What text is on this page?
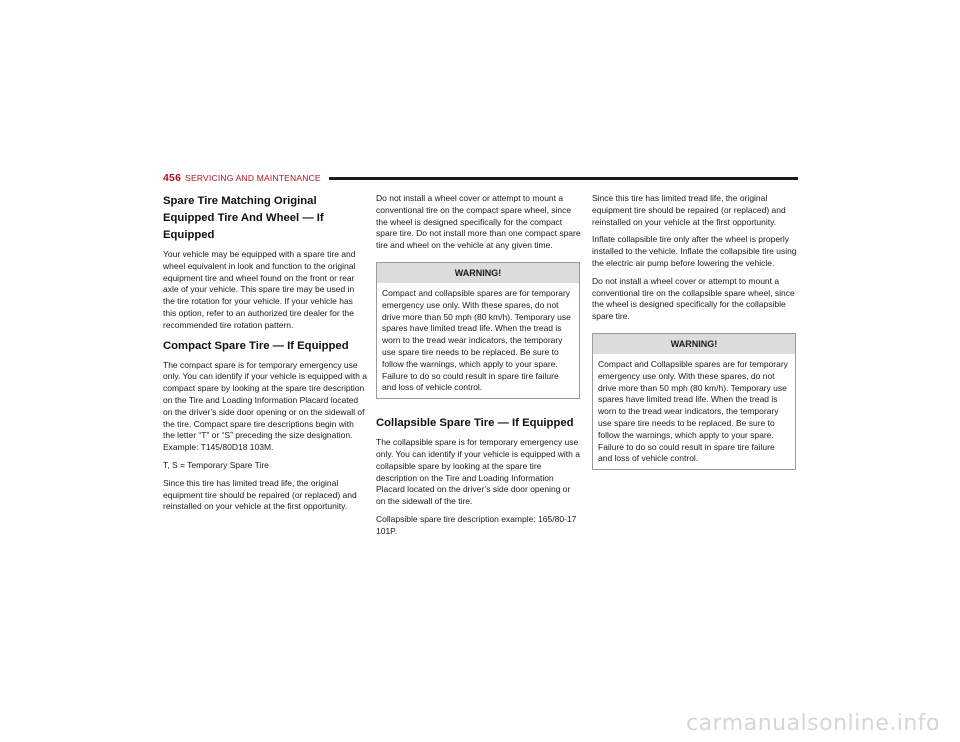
456 SERVICING AND MAINTENANCE
Spare Tire Matching Original Equipped Tire And Wheel — If Equipped

Your vehicle may be equipped with a spare tire and wheel equivalent in look and function to the original equipment tire and wheel found on the front or rear axle of your vehicle. This spare tire may be used in the tire rotation for your vehicle. If your vehicle has this option, refer to an authorized tire dealer for the recommended tire rotation pattern.

Compact Spare Tire — If Equipped

The compact spare is for temporary emergency use only. You can identify if your vehicle is equipped with a compact spare by looking at the spare tire description on the Tire and Loading Information Placard located on the driver’s side door opening or on the sidewall of the tire. Compact spare tire descriptions begin with the letter “T” or “S” preceding the size designation. Example: T145/80D18 103M.

T, S = Temporary Spare Tire

Since this tire has limited tread life, the original equipment tire should be repaired (or replaced) and reinstalled on your vehicle at the first opportunity.

Do not install a wheel cover or attempt to mount a conventional tire on the compact spare wheel, since the wheel is designed specifically for the compact spare tire. Do not install more than one compact spare tire and wheel on the vehicle at any given time.

WARNING!
Compact and collapsible spares are for temporary emergency use only. With these spares, do not drive more than 50 mph (80 km/h). Temporary use spares have limited tread life. When the tread is worn to the tread wear indicators, the temporary use spare tire needs to be replaced. Be sure to follow the warnings, which apply to your spare. Failure to do so could result in spare tire failure and loss of vehicle control.
Collapsible Spare Tire — If Equipped

The collapsible spare is for temporary emergency use only. You can identify if your vehicle is equipped with a collapsible spare by looking at the spare tire description on the Tire and Loading Information Placard located on the driver’s side door opening or on the sidewall of the tire.

Collapsible spare tire description example: 165/80-17 101P.

Since this tire has limited tread life, the original equipment tire should be repaired (or replaced) and reinstalled on your vehicle at the first opportunity.

Inflate collapsible tire only after the wheel is properly installed to the vehicle. Inflate the collapsible tire using the electric air pump before lowering the vehicle.

Do not install a wheel cover or attempt to mount a conventional tire on the collapsible spare wheel, since the wheel is designed specifically for the collapsible spare tire.

WARNING!
Compact and Collapsible spares are for temporary emergency use only. With these spares, do not drive more than 50 mph (80 km/h). Temporary use spares have limited tread life. When the tread is worn to the tread wear indicators, the temporary use spare tire needs to be replaced. Be sure to follow the warnings, which apply to your spare. Failure to do so could result in spare tire failure and loss of vehicle control.
carmanualsonline.info
